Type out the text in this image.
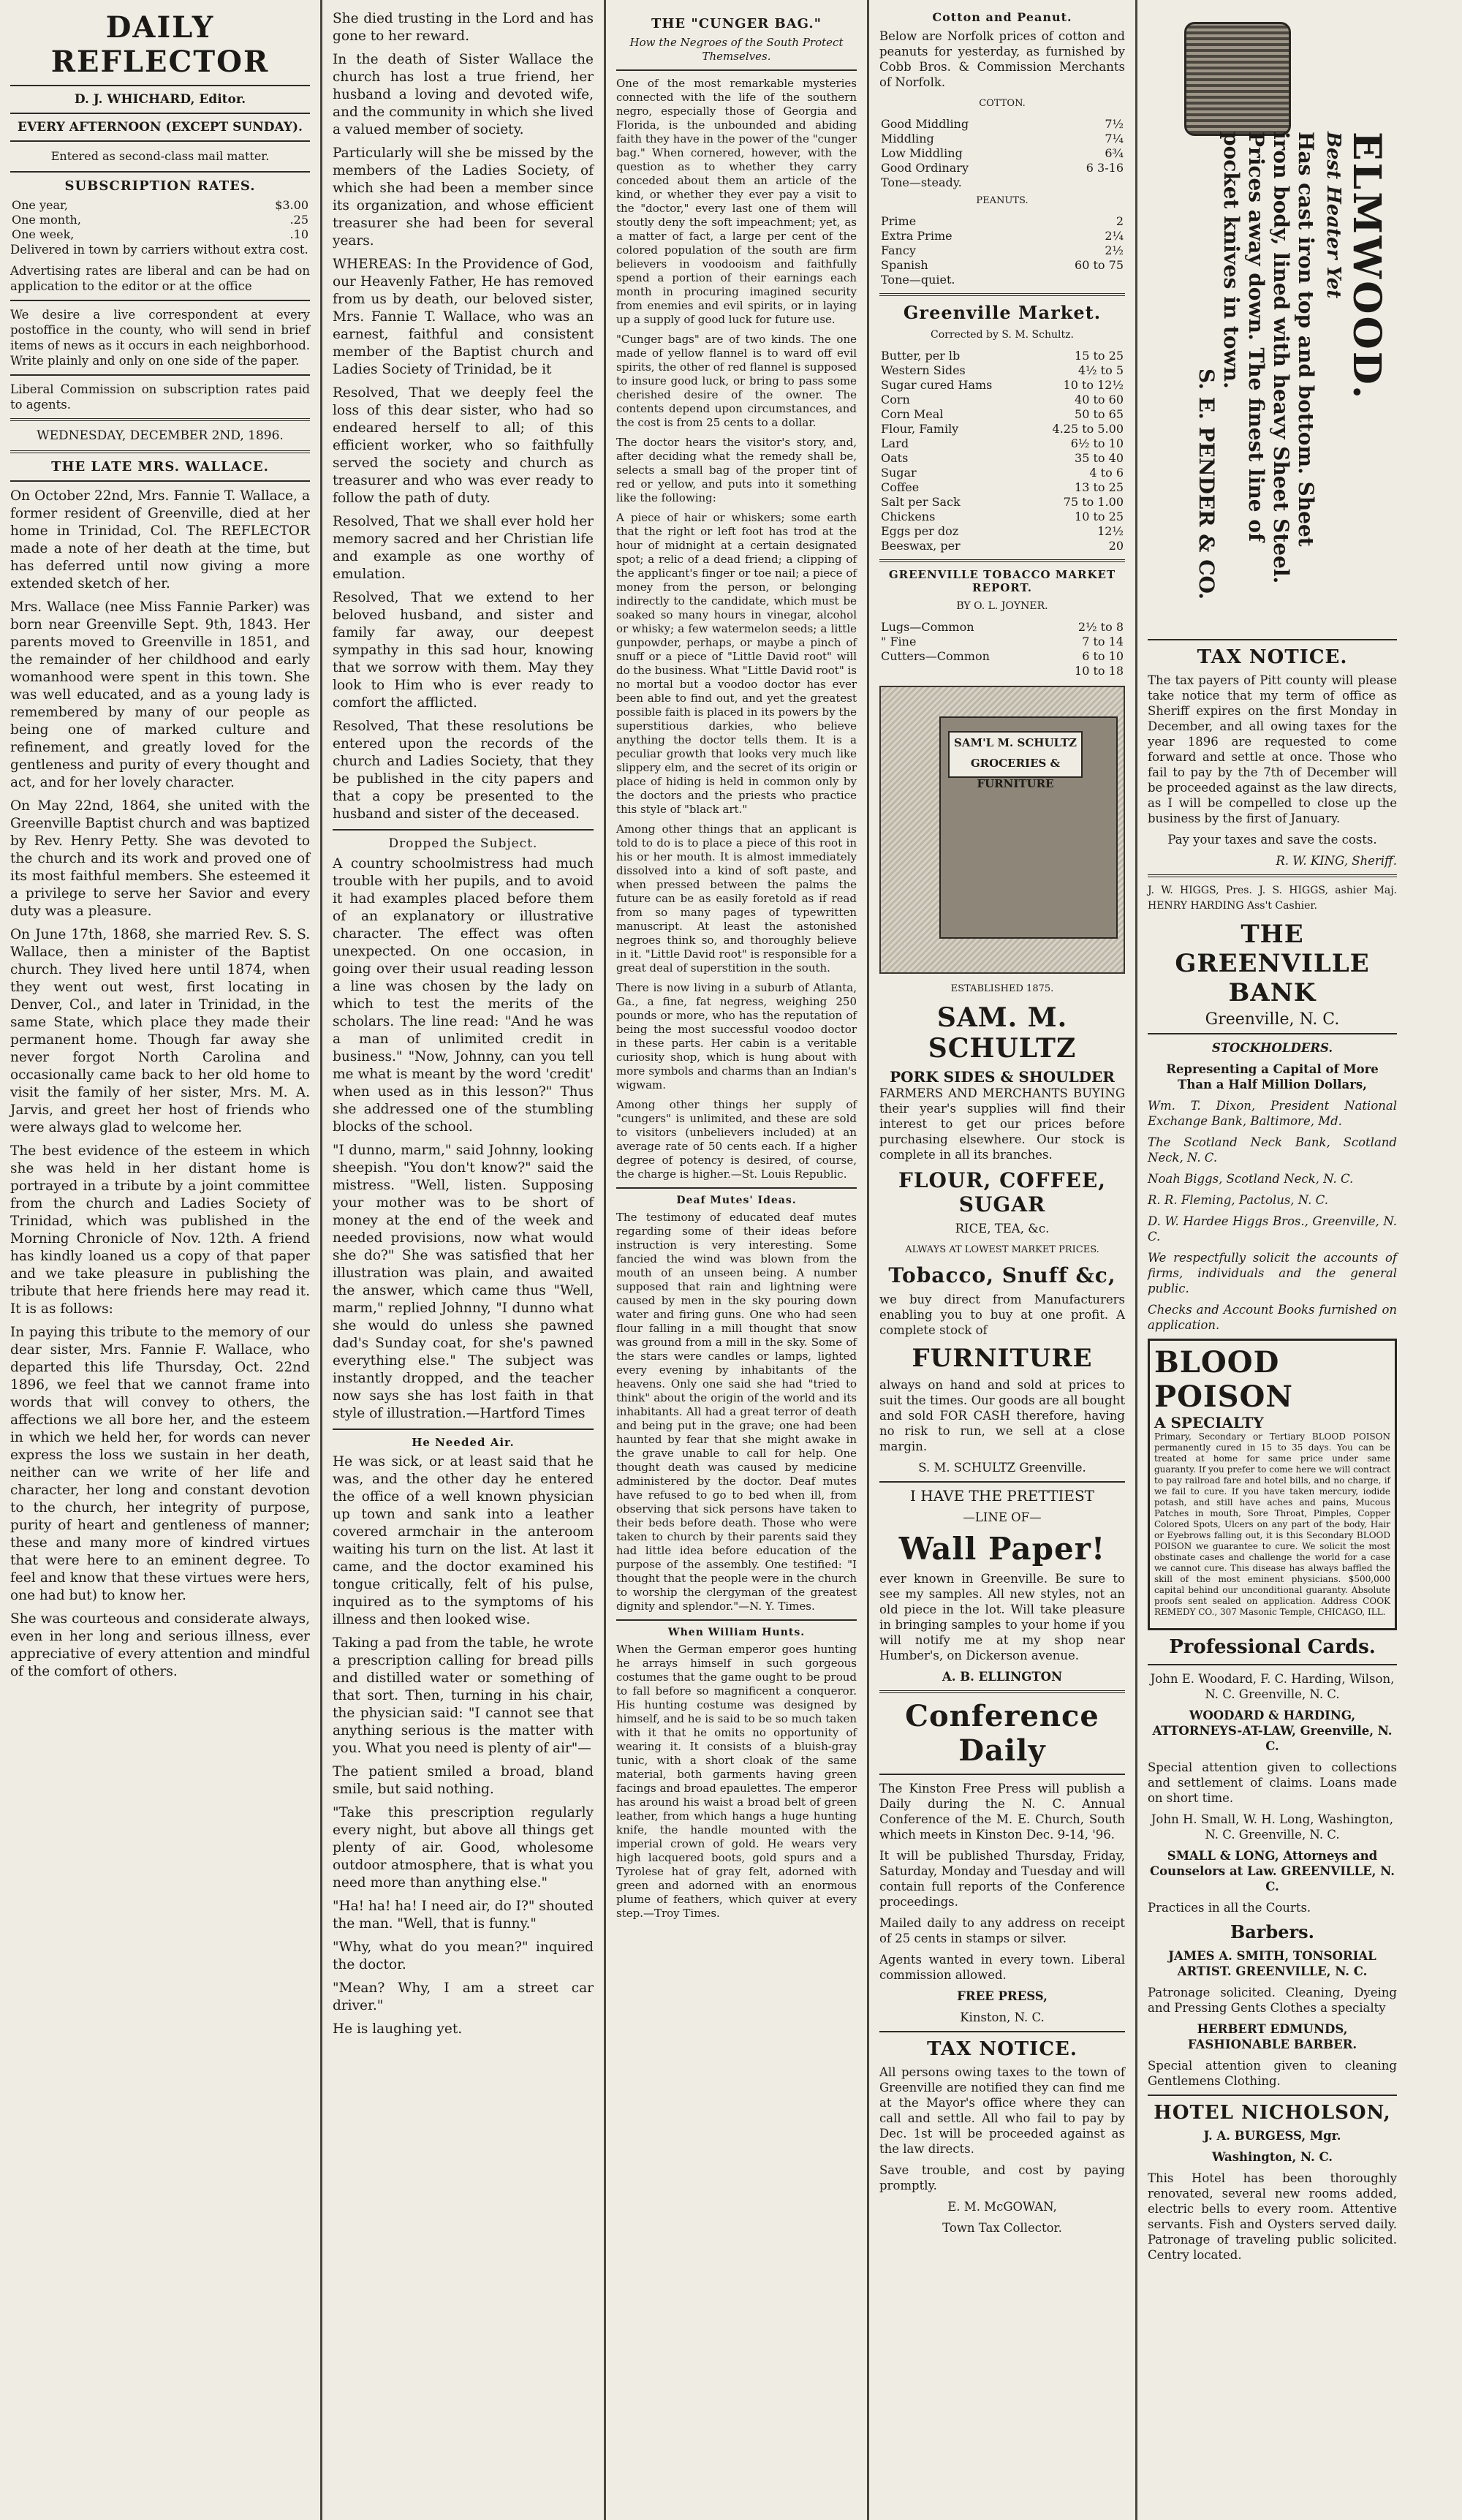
DAILY REFLECTOR
D. J. WHICHARD, Editor.
EVERY AFTERNOON (EXCEPT SUNDAY).

Entered as second-class mail matter.

SUBSCRIPTION RATES.
One year,	$3.00
One month,	.25
One week,	.10

Delivered in town by carriers without extra cost.

Advertising rates are liberal and can be had on application to the editor or at the office

We desire a live correspondent at every postoffice in the county, who will send in brief items of news as it occurs in each neighborhood. Write plainly and only on one side of the paper.

Liberal Commission on subscription rates paid to agents.

WEDNESDAY, DECEMBER 2ND, 1896.

THE LATE MRS. WALLACE.

On October 22nd, Mrs. Fannie T. Wallace, a former resident of Greenville, died at her home in Trinidad, Col. The REFLECTOR made a note of her death at the time, but has deferred until now giving a more extended sketch of her.

Mrs. Wallace (nee Miss Fannie Parker) was born near Greenville Sept. 9th, 1843. Her parents moved to Greenville in 1851, and the remainder of her childhood and early womanhood were spent in this town. She was well educated, and as a young lady is remembered by many of our people as being one of marked culture and refinement, and greatly loved for the gentleness and purity of every thought and act, and for her lovely character.

On May 22nd, 1864, she united with the Greenville Baptist church and was baptized by Rev. Henry Petty. She was devoted to the church and its work and proved one of its most faithful members. She esteemed it a privilege to serve her Savior and every duty was a pleasure.

On June 17th, 1868, she married Rev. S. S. Wallace, then a minister of the Baptist church. They lived here until 1874, when they went out west, first locating in Denver, Col., and later in Trinidad, in the same State, which place they made their permanent home. Though far away she never forgot North Carolina and occasionally came back to her old home to visit the family of her sister, Mrs. M. A. Jarvis, and greet her host of friends who were always glad to welcome her.

The best evidence of the esteem in which she was held in her distant home is portrayed in a tribute by a joint committee from the church and Ladies Society of Trinidad, which was published in the Morning Chronicle of Nov. 12th. A friend has kindly loaned us a copy of that paper and we take pleasure in publishing the tribute that here friends here may read it. It is as follows:

In paying this tribute to the memory of our dear sister, Mrs. Fannie F. Wallace, who departed this life Thursday, Oct. 22nd 1896, we feel that we cannot frame into words that will convey to others, the affections we all bore her, and the esteem in which we held her, for words can never express the loss we sustain in her death, neither can we write of her life and character, her long and constant devotion to the church, her integrity of purpose, purity of heart and gentleness of manner; these and many more of kindred virtues that were here to an eminent degree. To feel and know that these virtues were hers, one had but) to know her.

She was courteous and considerate always, even in her long and serious illness, ever appreciative of every attention and mindful of the comfort of others.

She died trusting in the Lord and has gone to her reward.

In the death of Sister Wallace the church has lost a true friend, her husband a loving and devoted wife, and the community in which she lived a valued member of society.

Particularly will she be missed by the members of the Ladies Society, of which she had been a member since its organization, and whose efficient treasurer she had been for several years.

WHEREAS: In the Providence of God, our Heavenly Father, He has removed from us by death, our beloved sister, Mrs. Fannie T. Wallace, who was an earnest, faithful and consistent member of the Baptist church and Ladies Society of Trinidad, be it

Resolved, That we deeply feel the loss of this dear sister, who had so endeared herself to all; of this efficient worker, who so faithfully served the society and church as treasurer and who was ever ready to follow the path of duty.

Resolved, That we shall ever hold her memory sacred and her Christian life and example as one worthy of emulation.

Resolved, That we extend to her beloved husband, and sister and family far away, our deepest sympathy in this sad hour, knowing that we sorrow with them. May they look to Him who is ever ready to comfort the afflicted.

Resolved, That these resolutions be entered upon the records of the church and Ladies Society, that they be published in the city papers and that a copy be presented to the husband and sister of the deceased.

Dropped the Subject.

A country schoolmistress had much trouble with her pupils, and to avoid it had examples placed before them of an explanatory or illustrative character. The effect was often unexpected. On one occasion, in going over their usual reading lesson a line was chosen by the lady on which to test the merits of the scholars. The line read: "And he was a man of unlimited credit in business." "Now, Johnny, can you tell me what is meant by the word 'credit' when used as in this lesson?" Thus she addressed one of the stumbling blocks of the school.

"I dunno, marm," said Johnny, looking sheepish. "You don't know?" said the mistress. "Well, listen. Supposing your mother was to be short of money at the end of the week and needed provisions, now what would she do?" She was satisfied that her illustration was plain, and awaited the answer, which came thus "Well, marm," replied Johnny, "I dunno what she would do unless she pawned dad's Sunday coat, for she's pawned everything else." The subject was instantly dropped, and the teacher now says she has lost faith in that style of illustration.—Hartford Times

He Needed Air.

He was sick, or at least said that he was, and the other day he entered the office of a well known physician up town and sank into a leather covered armchair in the anteroom waiting his turn on the list. At last it came, and the doctor examined his tongue critically, felt of his pulse, inquired as to the symptoms of his illness and then looked wise.

Taking a pad from the table, he wrote a prescription calling for bread pills and distilled water or something of that sort. Then, turning in his chair, the physician said: "I cannot see that anything serious is the matter with you. What you need is plenty of air"—

The patient smiled a broad, bland smile, but said nothing.

"Take this prescription regularly every night, but above all things get plenty of air. Good, wholesome outdoor atmosphere, that is what you need more than anything else."

"Ha! ha! ha! I need air, do I?" shouted the man. "Well, that is funny."

"Why, what do you mean?" inquired the doctor.

"Mean? Why, I am a street car driver."

He is laughing yet.

THE "CUNGER BAG."

How the Negroes of the South Protect Themselves.

One of the most remarkable mysteries connected with the life of the southern negro, especially those of Georgia and Florida, is the unbounded and abiding faith they have in the power of the "cunger bag." When cornered, however, with the question as to whether they carry conceded about them an article of the kind, or whether they ever pay a visit to the "doctor," every last one of them will stoutly deny the soft impeachment; yet, as a matter of fact, a large per cent of the colored population of the south are firm believers in voodooism and faithfully spend a portion of their earnings each month in procuring imagined security from enemies and evil spirits, or in laying up a supply of good luck for future use.

"Cunger bags" are of two kinds. The one made of yellow flannel is to ward off evil spirits, the other of red flannel is supposed to insure good luck, or bring to pass some cherished desire of the owner. The contents depend upon circumstances, and the cost is from 25 cents to a dollar.

The doctor hears the visitor's story, and, after deciding what the remedy shall be, selects a small bag of the proper tint of red or yellow, and puts into it something like the following:

A piece of hair or whiskers; some earth that the right or left foot has trod at the hour of midnight at a certain designated spot; a relic of a dead friend; a clipping of the applicant's finger or toe nail; a piece of money from the person, or belonging indirectly to the candidate, which must be soaked so many hours in vinegar, alcohol or whisky; a few watermelon seeds; a little gunpowder, perhaps, or maybe a pinch of snuff or a piece of "Little David root" will do the business. What "Little David root" is no mortal but a voodoo doctor has ever been able to find out, and yet the greatest possible faith is placed in its powers by the superstitious darkies, who believe anything the doctor tells them. It is a peculiar growth that looks very much like slippery elm, and the secret of its origin or place of hiding is held in common only by the doctors and the priests who practice this style of "black art."

Among other things that an applicant is told to do is to place a piece of this root in his or her mouth. It is almost immediately dissolved into a kind of soft paste, and when pressed between the palms the future can be as easily foretold as if read from so many pages of typewritten manuscript. At least the astonished negroes think so, and thoroughly believe in it. "Little David root" is responsible for a great deal of superstition in the south.

There is now living in a suburb of Atlanta, Ga., a fine, fat negress, weighing 250 pounds or more, who has the reputation of being the most successful voodoo doctor in these parts. Her cabin is a veritable curiosity shop, which is hung about with more symbols and charms than an Indian's wigwam.

Among other things her supply of "cungers" is unlimited, and these are sold to visitors (unbelievers included) at an average rate of 50 cents each. If a higher degree of potency is desired, of course, the charge is higher.—St. Louis Republic.

Deaf Mutes' Ideas.

The testimony of educated deaf mutes regarding some of their ideas before instruction is very interesting. Some fancied the wind was blown from the mouth of an unseen being. A number supposed that rain and lightning were caused by men in the sky pouring down water and firing guns. One who had seen flour falling in a mill thought that snow was ground from a mill in the sky. Some of the stars were candles or lamps, lighted every evening by inhabitants of the heavens. Only one said she had "tried to think" about the origin of the world and its inhabitants. All had a great terror of death and being put in the grave; one had been haunted by fear that she might awake in the grave unable to call for help. One thought death was caused by medicine administered by the doctor. Deaf mutes have refused to go to bed when ill, from observing that sick persons have taken to their beds before death. Those who were taken to church by their parents said they had little idea before education of the purpose of the assembly. One testified: "I thought that the people were in the church to worship the clergyman of the greatest dignity and splendor."—N. Y. Times.

When William Hunts.

When the German emperor goes hunting he arrays himself in such gorgeous costumes that the game ought to be proud to fall before so magnificent a conqueror. His hunting costume was designed by himself, and he is said to be so much taken with it that he omits no opportunity of wearing it. It consists of a bluish-gray tunic, with a short cloak of the same material, both garments having green facings and broad epaulettes. The emperor has around his waist a broad belt of green leather, from which hangs a huge hunting knife, the handle mounted with the imperial crown of gold. He wears very high lacquered boots, gold spurs and a Tyrolese hat of gray felt, adorned with green and adorned with an enormous plume of feathers, which quiver at every step.—Troy Times.

Cotton and Peanut.

Below are Norfolk prices of cotton and peanuts for yesterday, as furnished by Cobb Bros. & Commission Merchants of Norfolk.

COTTON.

Good Middling	7½
Middling	7¼
Low Middling	6¾
Good Ordinary	6 3-16
Tone—steady.	

PEANUTS.

Prime	2
Extra Prime	2¼
Fancy	2½
Spanish	60 to 75
Tone—quiet.	
Greenville Market.

Corrected by S. M. Schultz.

Butter, per lb	15 to 25
Western Sides	4½ to 5
Sugar cured Hams	10 to 12½
Corn	40 to 60
Corn Meal	50 to 65
Flour, Family	4.25 to 5.00
Lard	6½ to 10
Oats	35 to 40
Sugar	4 to 6
Coffee	13 to 25
Salt per Sack	75 to 1.00
Chickens	10 to 25
Eggs per doz	12½
Beeswax, per	20
GREENVILLE TOBACCO MARKET REPORT.

BY O. L. JOYNER.

Lugs—Common	2½ to 8
" Fine	7 to 14
Cutters—Common	6 to 10
	10 to 18
SAM'L M. SCHULTZ GROCERIES & FURNITURE

ESTABLISHED 1875.

SAM. M. SCHULTZ
PORK SIDES & SHOULDER

FARMERS AND MERCHANTS BUYING their year's supplies will find their interest to get our prices before purchasing elsewhere. Our stock is complete in all its branches.

FLOUR, COFFEE, SUGAR

RICE, TEA, &c.

ALWAYS AT LOWEST MARKET PRICES.

Tobacco, Snuff &c,

we buy direct from Manufacturers enabling you to buy at one profit. A complete stock of

FURNITURE

always on hand and sold at prices to suit the times. Our goods are all bought and sold FOR CASH therefore, having no risk to run, we sell at a close margin.

S. M. SCHULTZ Greenville.

I HAVE THE PRETTIEST

—LINE OF—

Wall Paper!

ever known in Greenville. Be sure to see my samples. All new styles, not an old piece in the lot. Will take pleasure in bringing samples to your home if you will notify me at my shop near Humber's, on Dickerson avenue.

A. B. ELLINGTON

Conference Daily

The Kinston Free Press will publish a Daily during the N. C. Annual Conference of the M. E. Church, South which meets in Kinston Dec. 9-14, '96.

It will be published Thursday, Friday, Saturday, Monday and Tuesday and will contain full reports of the Conference proceedings.

Mailed daily to any address on receipt of 25 cents in stamps or silver.

Agents wanted in every town. Liberal commission allowed.

FREE PRESS,

Kinston, N. C.

TAX NOTICE.

All persons owing taxes to the town of Greenville are notified they can find me at the Mayor's office where they can call and settle. All who fail to pay by Dec. 1st will be proceeded against as the law directs.

Save trouble, and cost by paying promptly.

E. M. McGOWAN,

Town Tax Collector.

ELMWOOD.
Best Heater Yet
Has cast iron top and bottom. Sheet iron body, lined with heavy Sheet Steel. Prices away down. The finest line of pocket knives in town.
S. E. PENDER & CO.
TAX NOTICE.

The tax payers of Pitt county will please take notice that my term of office as Sheriff expires on the first Monday in December, and all owing taxes for the year 1896 are requested to come forward and settle at once. Those who fail to pay by the 7th of December will be proceeded against as the law directs, as I will be compelled to close up the business by the first of January.

Pay your taxes and save the costs.

R. W. KING, Sheriff.

J. W. HIGGS, Pres. J. S. HIGGS, ashier Maj. HENRY HARDING Ass't Cashier.

THE GREENVILLE BANK

Greenville, N. C.

STOCKHOLDERS.

Representing a Capital of More Than a Half Million Dollars,

Wm. T. Dixon, President National Exchange Bank, Baltimore, Md.

The Scotland Neck Bank, Scotland Neck, N. C.

Noah Biggs, Scotland Neck, N. C.

R. R. Fleming, Pactolus, N. C.

D. W. Hardee Higgs Bros., Greenville, N. C.

We respectfully solicit the accounts of firms, individuals and the general public.

Checks and Account Books furnished on application.

BLOOD POISON
A SPECIALTY

Primary, Secondary or Tertiary BLOOD POISON permanently cured in 15 to 35 days. You can be treated at home for same price under same guaranty. If you prefer to come here we will contract to pay railroad fare and hotel bills, and no charge, if we fail to cure. If you have taken mercury, iodide potash, and still have aches and pains, Mucous Patches in mouth, Sore Throat, Pimples, Copper Colored Spots, Ulcers on any part of the body, Hair or Eyebrows falling out, it is this Secondary BLOOD POISON we guarantee to cure. We solicit the most obstinate cases and challenge the world for a case we cannot cure. This disease has always baffled the skill of the most eminent physicians. $500,000 capital behind our unconditional guaranty. Absolute proofs sent sealed on application. Address COOK REMEDY CO., 307 Masonic Temple, CHICAGO, ILL.

Professional Cards.

John E. Woodard, F. C. Harding, Wilson, N. C. Greenville, N. C.

WOODARD & HARDING, ATTORNEYS-AT-LAW, Greenville, N. C.

Special attention given to collections and settlement of claims. Loans made on short time.

John H. Small, W. H. Long, Washington, N. C. Greenville, N. C.

SMALL & LONG, Attorneys and Counselors at Law. GREENVILLE, N. C.

Practices in all the Courts.

Barbers.

JAMES A. SMITH, TONSORIAL ARTIST. GREENVILLE, N. C.

Patronage solicited. Cleaning, Dyeing and Pressing Gents Clothes a specialty

HERBERT EDMUNDS, FASHIONABLE BARBER.

Special attention given to cleaning Gentlemens Clothing.

HOTEL NICHOLSON,

J. A. BURGESS, Mgr.

Washington, N. C.

This Hotel has been thoroughly renovated, several new rooms added, electric bells to every room. Attentive servants. Fish and Oysters served daily. Patronage of traveling public solicited. Centry located.
